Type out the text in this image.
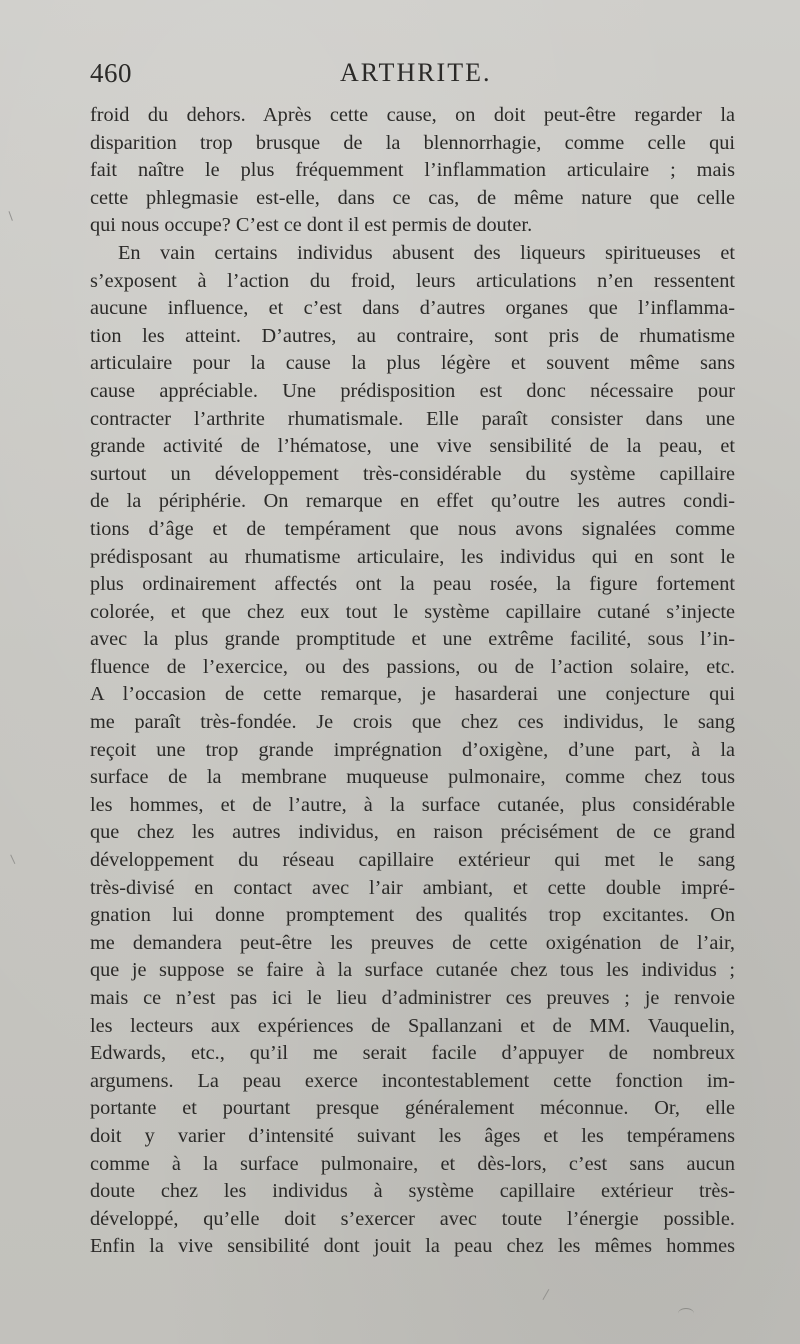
460	ARTHRITE.
froid du dehors. Après cette cause, on doit peut-être regarder la
disparition trop brusque de la blennorrhagie, comme celle qui
fait naître le plus fréquemment l’inflammation articulaire ; mais
cette phlegmasie est-elle, dans ce cas, de même nature que celle
qui nous occupe? C’est ce dont il est permis de douter.
En vain certains individus abusent des liqueurs spiritueuses et
s’exposent à l’action du froid, leurs articulations n’en ressentent
aucune influence, et c’est dans d’autres organes que l’inflamma-
tion les atteint. D’autres, au contraire, sont pris de rhumatisme
articulaire pour la cause la plus légère et souvent même sans
cause appréciable. Une prédisposition est donc nécessaire pour
contracter l’arthrite rhumatismale. Elle paraît consister dans une
grande activité de l’hématose, une vive sensibilité de la peau, et
surtout un développement très-considérable du système capillaire
de la périphérie. On remarque en effet qu’outre les autres condi-
tions d’âge et de tempérament que nous avons signalées comme
prédisposant au rhumatisme articulaire, les individus qui en sont le
plus ordinairement affectés ont la peau rosée, la figure fortement
colorée, et que chez eux tout le système capillaire cutané s’injecte
avec la plus grande promptitude et une extrême facilité, sous l’in-
fluence de l’exercice, ou des passions, ou de l’action solaire, etc.
A l’occasion de cette remarque, je hasarderai une conjecture qui
me paraît très-fondée. Je crois que chez ces individus, le sang
reçoit une trop grande imprégnation d’oxigène, d’une part, à la
surface de la membrane muqueuse pulmonaire, comme chez tous
les hommes, et de l’autre, à la surface cutanée, plus considérable
que chez les autres individus, en raison précisément de ce grand
développement du réseau capillaire extérieur qui met le sang
très-divisé en contact avec l’air ambiant, et cette double impré-
gnation lui donne promptement des qualités trop excitantes. On
me demandera peut-être les preuves de cette oxigénation de l’air,
que je suppose se faire à la surface cutanée chez tous les individus ;
mais ce n’est pas ici le lieu d’administrer ces preuves ; je renvoie
les lecteurs aux expériences de Spallanzani et de MM. Vauquelin,
Edwards, etc., qu’il me serait facile d’appuyer de nombreux
argumens. La peau exerce incontestablement cette fonction im-
portante et pourtant presque généralement méconnue. Or, elle
doit y varier d’intensité suivant les âges et les tempéramens
comme à la surface pulmonaire, et dès-lors, c’est sans aucun
doute chez les individus à système capillaire extérieur très-
développé, qu’elle doit s’exercer avec toute l’énergie possible.
Enfin la vive sensibilité dont jouit la peau chez les mêmes hommes
